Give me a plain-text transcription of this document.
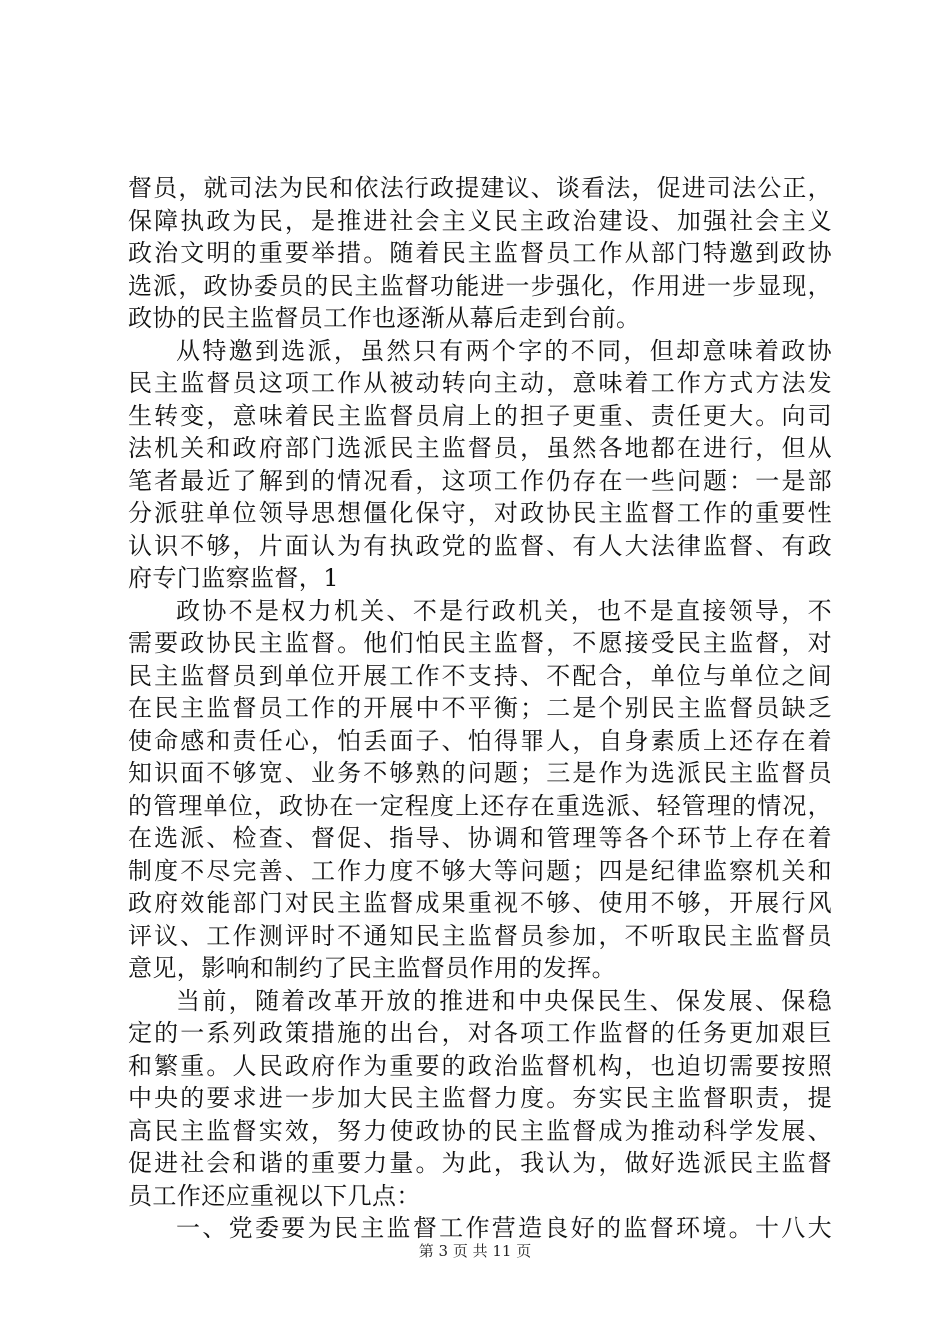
督员，就司法为民和依法行政提建议、谈看法，促进司法公正，
保障执政为民，是推进社会主义民主政治建设、加强社会主义
政治文明的重要举措。随着民主监督员工作从部门特邀到政协
选派，政协委员的民主监督功能进一步强化，作用进一步显现，
政协的民主监督员工作也逐渐从幕后走到台前。
从特邀到选派，虽然只有两个字的不同，但却意味着政协
民主监督员这项工作从被动转向主动，意味着工作方式方法发
生转变，意味着民主监督员肩上的担子更重、责任更大。向司
法机关和政府部门选派民主监督员，虽然各地都在进行，但从
笔者最近了解到的情况看，这项工作仍存在一些问题：一是部
分派驻单位领导思想僵化保守，对政协民主监督工作的重要性
认识不够，片面认为有执政党的监督、有人大法律监督、有政
府专门监察监督，1
政协不是权力机关、不是行政机关，也不是直接领导，不
需要政协民主监督。他们怕民主监督，不愿接受民主监督，对
民主监督员到单位开展工作不支持、不配合，单位与单位之间
在民主监督员工作的开展中不平衡；二是个别民主监督员缺乏
使命感和责任心，怕丢面子、怕得罪人，自身素质上还存在着
知识面不够宽、业务不够熟的问题；三是作为选派民主监督员
的管理单位，政协在一定程度上还存在重选派、轻管理的情况，
在选派、检查、督促、指导、协调和管理等各个环节上存在着
制度不尽完善、工作力度不够大等问题；四是纪律监察机关和
政府效能部门对民主监督成果重视不够、使用不够，开展行风
评议、工作测评时不通知民主监督员参加，不听取民主监督员
意见，影响和制约了民主监督员作用的发挥。
当前，随着改革开放的推进和中央保民生、保发展、保稳
定的一系列政策措施的出台，对各项工作监督的任务更加艰巨
和繁重。人民政府作为重要的政治监督机构，也迫切需要按照
中央的要求进一步加大民主监督力度。夯实民主监督职责，提
高民主监督实效，努力使政协的民主监督成为推动科学发展、
促进社会和谐的重要力量。为此，我认为，做好选派民主监督
员工作还应重视以下几点：
一、党委要为民主监督工作营造良好的监督环境。十八大
第 3 页 共 11 页
